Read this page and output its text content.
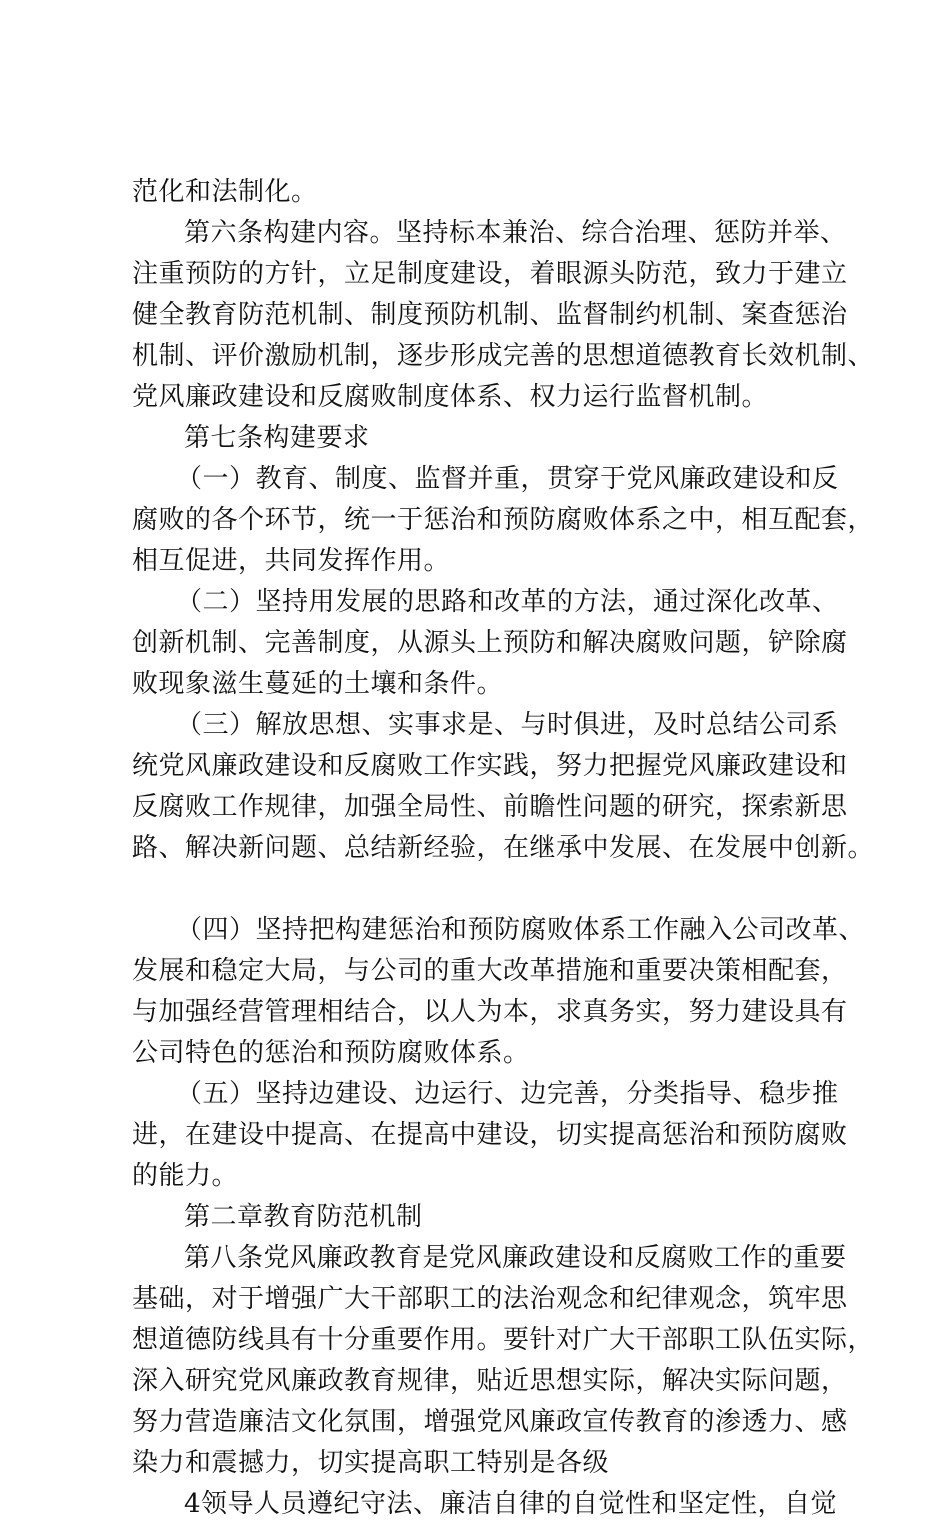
范化和法制化。
第六条构建内容。坚持标本兼治、综合治理、惩防并举、
注重预防的方针，立足制度建设，着眼源头防范，致力于建立
健全教育防范机制、制度预防机制、监督制约机制、案查惩治
机制、评价激励机制，逐步形成完善的思想道德教育长效机制、
党风廉政建设和反腐败制度体系、权力运行监督机制。
第七条构建要求
（一）教育、制度、监督并重，贯穿于党风廉政建设和反
腐败的各个环节，统一于惩治和预防腐败体系之中，相互配套，
相互促进，共同发挥作用。
（二）坚持用发展的思路和改革的方法，通过深化改革、
创新机制、完善制度，从源头上预防和解决腐败问题，铲除腐
败现象滋生蔓延的土壤和条件。
（三）解放思想、实事求是、与时俱进，及时总结公司系
统党风廉政建设和反腐败工作实践，努力把握党风廉政建设和
反腐败工作规律，加强全局性、前瞻性问题的研究，探索新思
路、解决新问题、总结新经验，在继承中发展、在发展中创新。
（四）坚持把构建惩治和预防腐败体系工作融入公司改革、
发展和稳定大局，与公司的重大改革措施和重要决策相配套，
与加强经营管理相结合，以人为本，求真务实，努力建设具有
公司特色的惩治和预防腐败体系。
（五）坚持边建设、边运行、边完善，分类指导、稳步推
进，在建设中提高、在提高中建设，切实提高惩治和预防腐败
的能力。
第二章教育防范机制
第八条党风廉政教育是党风廉政建设和反腐败工作的重要
基础，对于增强广大干部职工的法治观念和纪律观念，筑牢思
想道德防线具有十分重要作用。要针对广大干部职工队伍实际，
深入研究党风廉政教育规律，贴近思想实际，解决实际问题，
努力营造廉洁文化氛围，增强党风廉政宣传教育的渗透力、感
染力和震撼力，切实提高职工特别是各级
4领导人员遵纪守法、廉洁自律的自觉性和坚定性，自觉
